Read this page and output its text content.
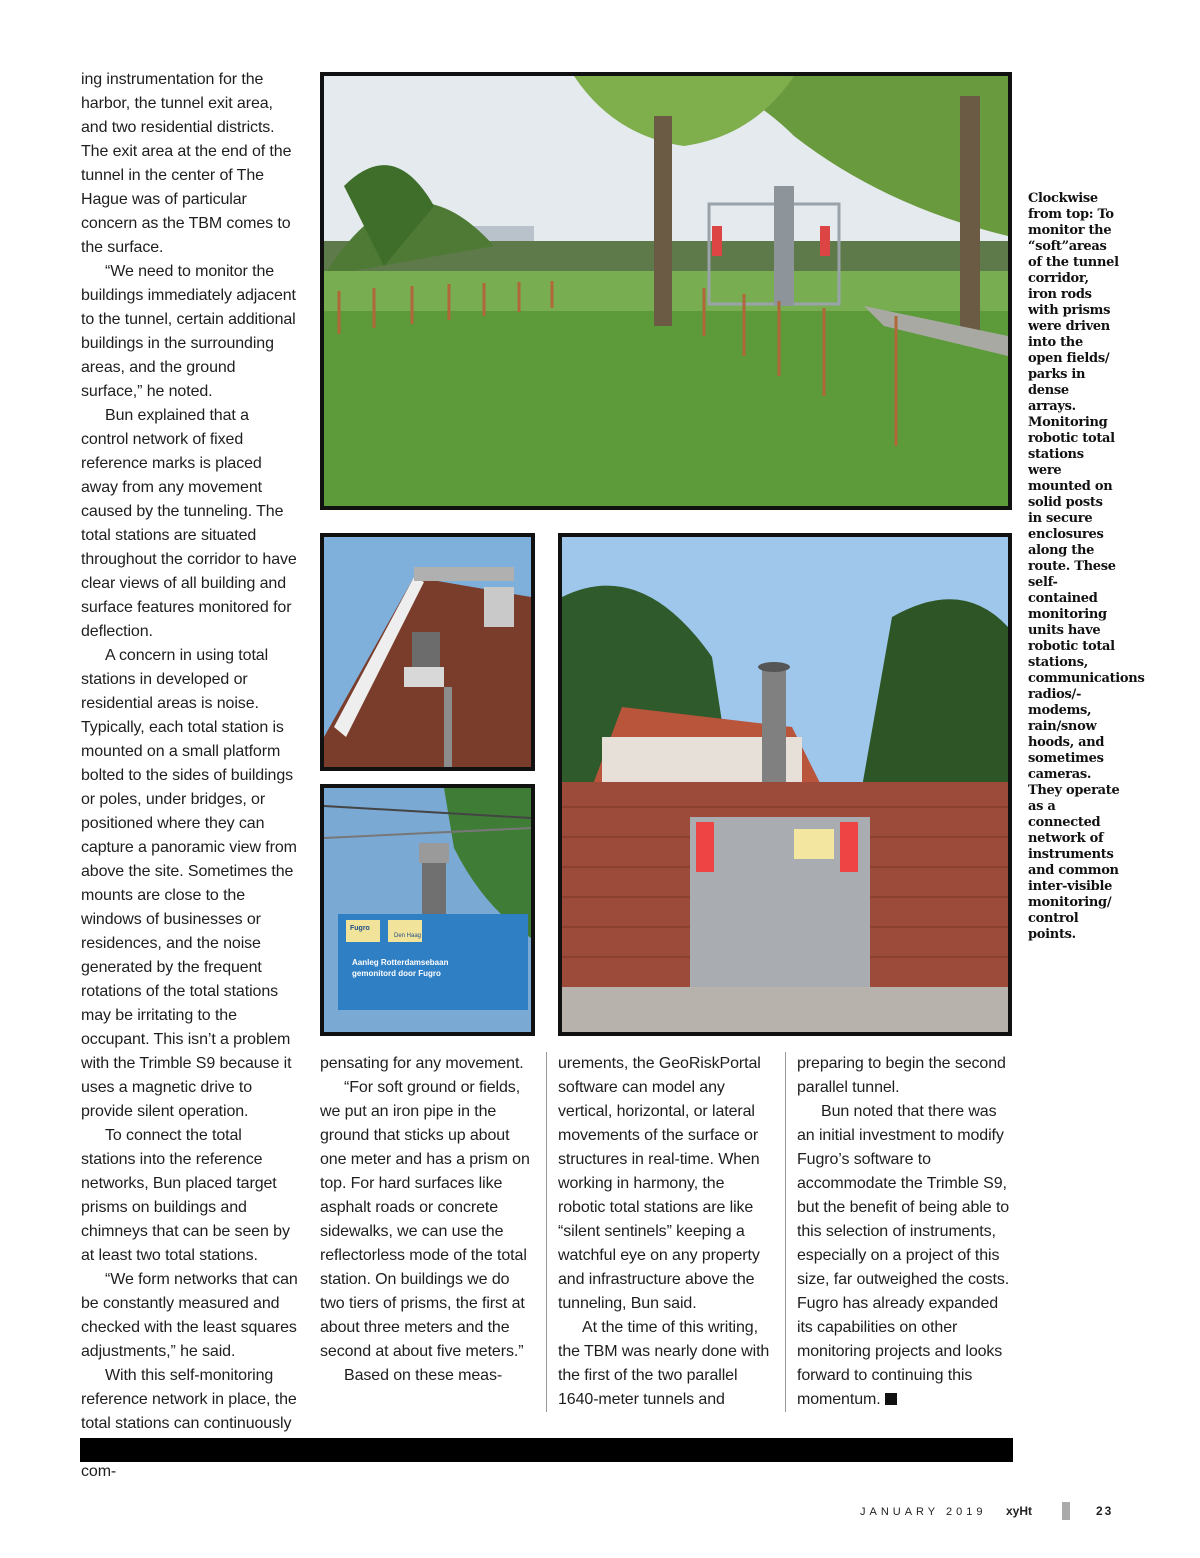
ing instrumentation for the harbor, the tunnel exit area, and two residential districts. The exit area at the end of the tunnel in the center of The Hague was of particular concern as the TBM comes to the surface.

“We need to monitor the buildings immediately adjacent to the tunnel, certain additional buildings in the surrounding areas, and the ground surface,” he noted.

Bun explained that a control network of fixed reference marks is placed away from any movement caused by the tunneling. The total stations are situated throughout the corridor to have clear views of all building and surface features monitored for deflection.

A concern in using total stations in developed or residential areas is noise. Typically, each total station is mounted on a small platform bolted to the sides of buildings or poles, under bridges, or positioned where they can capture a panoramic view from above the site. Sometimes the mounts are close to the windows of businesses or residences, and the noise generated by the frequent rotations of the total stations may be irritating to the occupant. This isn’t a problem with the Trimble S9 because it uses a magnetic drive to provide silent operation.

To connect the total stations into the reference networks, Bun placed target prisms on buildings and chimneys that can be seen by at least two total stations.

“We form networks that can be constantly measured and checked with the least squares adjustments,” he said.

With this self-monitoring reference network in place, the total stations can continuously com-

Fugro
Den Haag
Aanleg Rotterdamsebaan
gemonitord door Fugro
Clockwise from top: To monitor the “soft”areas of the tunnel corridor, iron rods with prisms were driven into the open fields/ parks in dense arrays. Monitoring robotic total stations were mounted on solid posts in secure enclosures along the route. These self-contained monitoring units have robotic total stations, communications radios/-modems, rain/snow hoods, and sometimes cameras. They operate as a connected network of instruments and common inter-visible monitoring/ control points.

pensating for any movement.

“For soft ground or fields, we put an iron pipe in the ground that sticks up about one meter and has a prism on top. For hard surfaces like asphalt roads or concrete sidewalks, we can use the reflectorless mode of the total station. On buildings we do two tiers of prisms, the first at about three meters and the second at about five meters.”

Based on these meas-

urements, the GeoRiskPortal software can model any vertical, horizontal, or lateral movements of the surface or structures in real-time. When working in harmony, the robotic total stations are like “silent sentinels” keeping a watchful eye on any property and infrastructure above the tunneling, Bun said.

At the time of this writing, the TBM was nearly done with the first of the two parallel 1640-meter tunnels and

preparing to begin the second parallel tunnel.

Bun noted that there was an initial investment to modify Fugro’s software to accommodate the Trimble S9, but the benefit of being able to this selection of instruments, especially on a project of this size, far outweighed the costs. Fugro has already expanded its capabilities on other monitoring projects and looks forward to continuing this momentum.

JANUARY 2019 xyHt	23
